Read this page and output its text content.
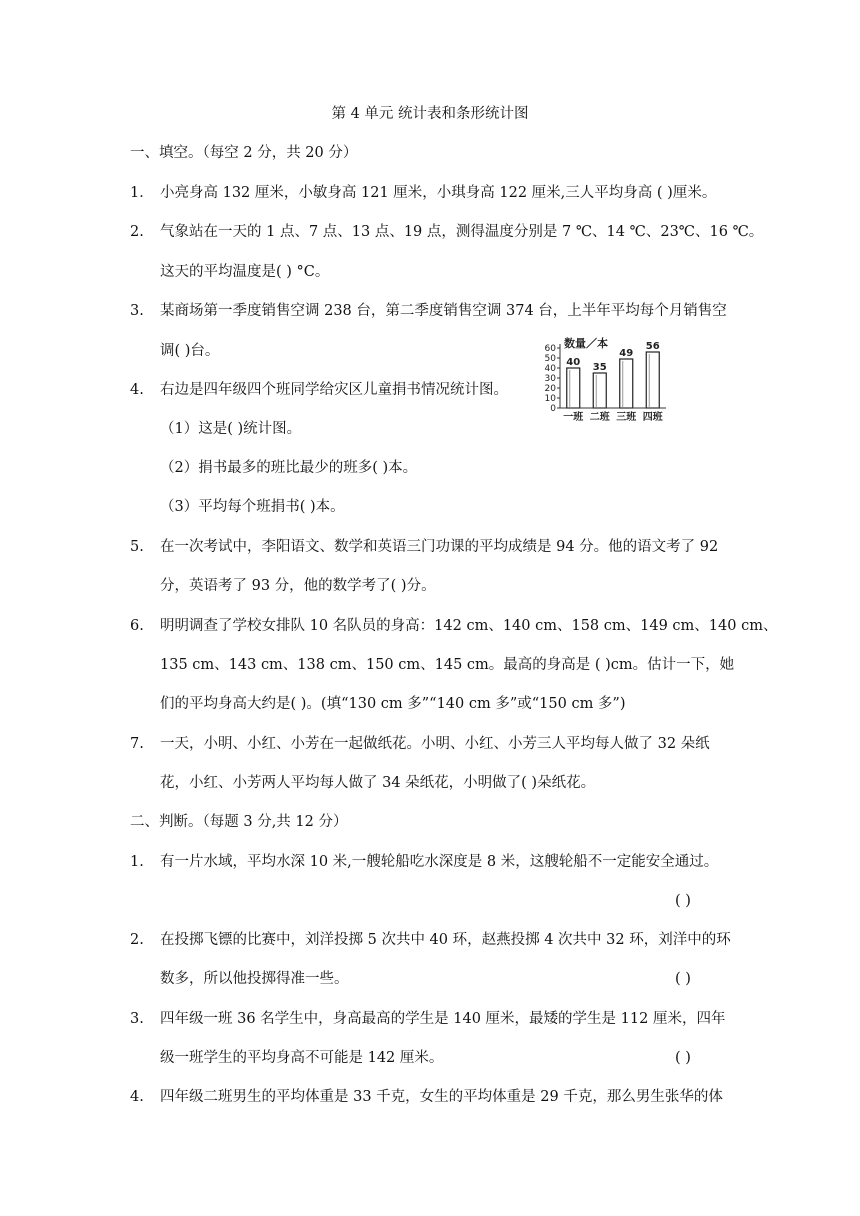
第 4 单元 统计表和条形统计图
一、填空。（每空 2 分，共 20 分）
1． 小亮身高 132 厘米，小敏身高 121 厘米，小琪身高 122 厘米,三人平均身高 ( )厘米。
2. 气象站在一天的 1 点、7 点、13 点、19 点，测得温度分别是 7 ℃、14 ℃、23℃、16 ℃。
这天的平均温度是( ) °C。
3. 某商场第一季度销售空调 238 台，第二季度销售空调 374 台，上半年平均每个月销售空
调( )台。
4. 右边是四年级四个班同学给灾区儿童捐书情况统计图。
（1）这是( )统计图。
（2）捐书最多的班比最少的班多( )本。
（3）平均每个班捐书( )本。
数量／本
60
50
40
30
20
10
0
40 35
49
56
一班 二班 三班 四班
5. 在一次考试中，李阳语文、数学和英语三门功课的平均成绩是 94 分。他的语文考了 92
分，英语考了 93 分，他的数学考了( )分。
6. 明明调查了学校女排队 10 名队员的身高：142 cm、140 cm、158 cm、149 cm、140 cm、
135 cm、143 cm、138 cm、150 cm、145 cm。最高的身高是 ( )cm。估计一下，她
们的平均身高大约是( )。(填“130 cm 多”“140 cm 多”或“150 cm 多”)
7. 一天，小明、小红、小芳在一起做纸花。小明、小红、小芳三人平均每人做了 32 朵纸
花，小红、小芳两人平均每人做了 34 朵纸花，小明做了( )朵纸花。
二、判断。（每题 3 分,共 12 分）
1. 有一片水域，平均水深 10 米,一艘轮船吃水深度是 8 米，这艘轮船不一定能安全通过。
( )
2. 在投掷飞镖的比赛中，刘洋投掷 5 次共中 40 环，赵燕投掷 4 次共中 32 环，刘洋中的环
数多，所以他投掷得准一些。	( )
3. 四年级一班 36 名学生中，身高最高的学生是 140 厘米，最矮的学生是 112 厘米，四年
级一班学生的平均身高不可能是 142 厘米。	( )
4. 四年级二班男生的平均体重是 33 千克，女生的平均体重是 29 千克，那么男生张华的体
